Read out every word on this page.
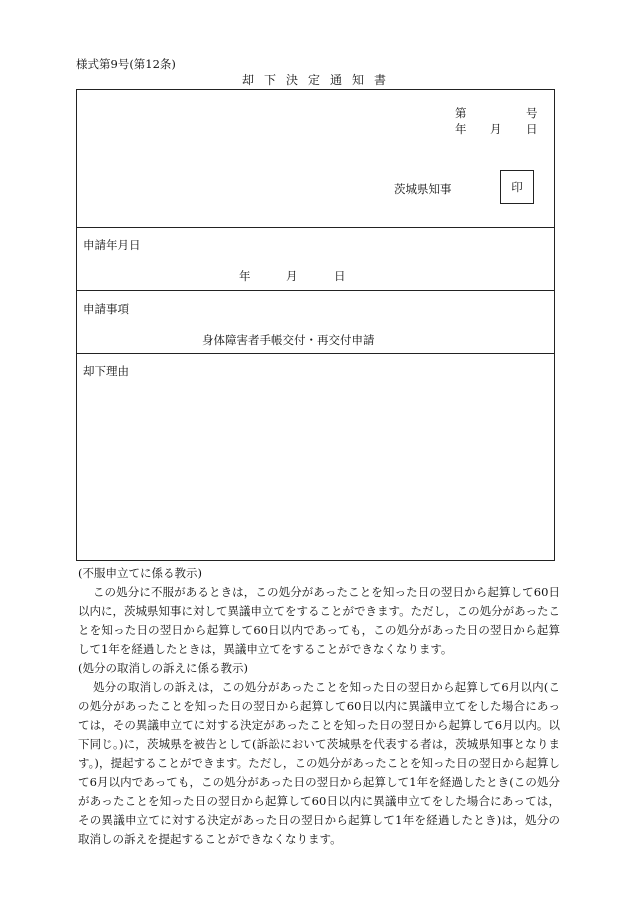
様式第9号(第12条)
却下決定通知書
第	号
年 月 日
茨城県知事	印
申請年月日
年	月	日
申請事項
身体障害者手帳交付・再交付申請
却下理由

(不服申立てに係る教示)

この処分に不服があるときは，この処分があったことを知った日の翌日から起算して60日以内に，茨城県知事に対して異議申立てをすることができます。ただし，この処分があったことを知った日の翌日から起算して60日以内であっても，この処分があった日の翌日から起算して1年を経過したときは，異議申立てをすることができなくなります。

(処分の取消しの訴えに係る教示)

処分の取消しの訴えは，この処分があったことを知った日の翌日から起算して6月以内(この処分があったことを知った日の翌日から起算して60日以内に異議申立てをした場合にあっては，その異議申立てに対する決定があったことを知った日の翌日から起算して6月以内。以下同じ。)に，茨城県を被告として(訴訟において茨城県を代表する者は，茨城県知事となります。)，提起することができます。ただし，この処分があったことを知った日の翌日から起算して6月以内であっても，この処分があった日の翌日から起算して1年を経過したとき(この処分があったことを知った日の翌日から起算して60日以内に異議申立てをした場合にあっては，その異議申立てに対する決定があった日の翌日から起算して1年を経過したとき)は，処分の取消しの訴えを提起することができなくなります。
